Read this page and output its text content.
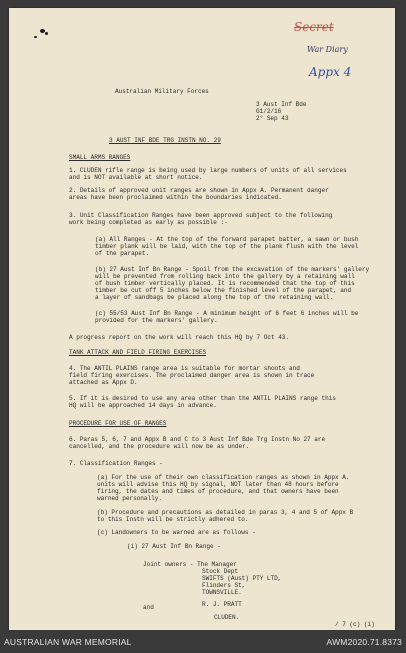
Secret
War Diary
Appx 4
Australian Military Forces
3 Aust Inf Bde
G1/2/16
2° Sep 43
3 AUST INF BDE TRG INSTN NO. 29
SMALL ARMS RANGES
1. CLUDEN rifle range is being used by large numbers of units of all services
and is NOT available at short notice.
2. Details of approved unit ranges are shown in Appx A. Permanent danger
areas have been proclaimed within the boundaries indicated.
3. Unit Classification Ranges have been approved subject to the following
work being completed as early as possible :-
(a) All Ranges - At the top of the forward parapet batter, a sawn or bush
timber plank will be laid, with the top of the plank flush with the level
of the parapet.
(b) 27 Aust Inf Bn Range - Spoil from the excavation of the markers' gallery
will be prevented from rolling back into the gallery by a retaining wall
of bush timber vertically placed. It is recommended that the top of this
timber be cut off 5 inches below the finished level of the parapet, and
a layer of sandbags be placed along the top of the retaining wall.
(c) 55/53 Aust Inf Bn Range - A minimum height of 6 feet 6 inches will be
provided for the markers' gallery.
A progress report on the work will reach this HQ by 7 Oct 43.
TANK ATTACK AND FIELD FIRING EXERCISES
4. The ANTIL PLAINS range area is suitable for mortar shoots and
field firing exercises. The proclaimed danger area is shown in trace
attached as Appx D.
5. If it is desired to use any area other than the ANTIL PLAINS range this
HQ will be approached 14 days in advance.
PROCEDURE FOR USE OF RANGES
6. Paras 5, 6, 7 and Appx B and C to 3 Aust Inf Bde Trg Instn No 27 are
cancelled, and the procedure will now be as under.
7. Classification Ranges -
(a) For the use of their own classification ranges as shown in Appx A.
units will advise this HQ by signal, NOT later than 48 hours before
firing, the dates and times of procedure, and that owners have been
warned personally.
(b) Procedure and precautions as detailed in paras 3, 4 and 5 of Appx B
to this Instn will be strictly adhered to.
(c) Landowners to be warned are as follows -
(i) 27 Aust Inf Bn Range -
Joint owners - The Manager
Stock Dept
SWIFTS (Aust) PTY LTD,
Flinders St,
TOWNSVILLE.
and	R. J. PRATT
CLUDEN.
/ 7 (c) (i)
AUSTRALIAN WAR MEMORIAL	AWM2020.71.8373
